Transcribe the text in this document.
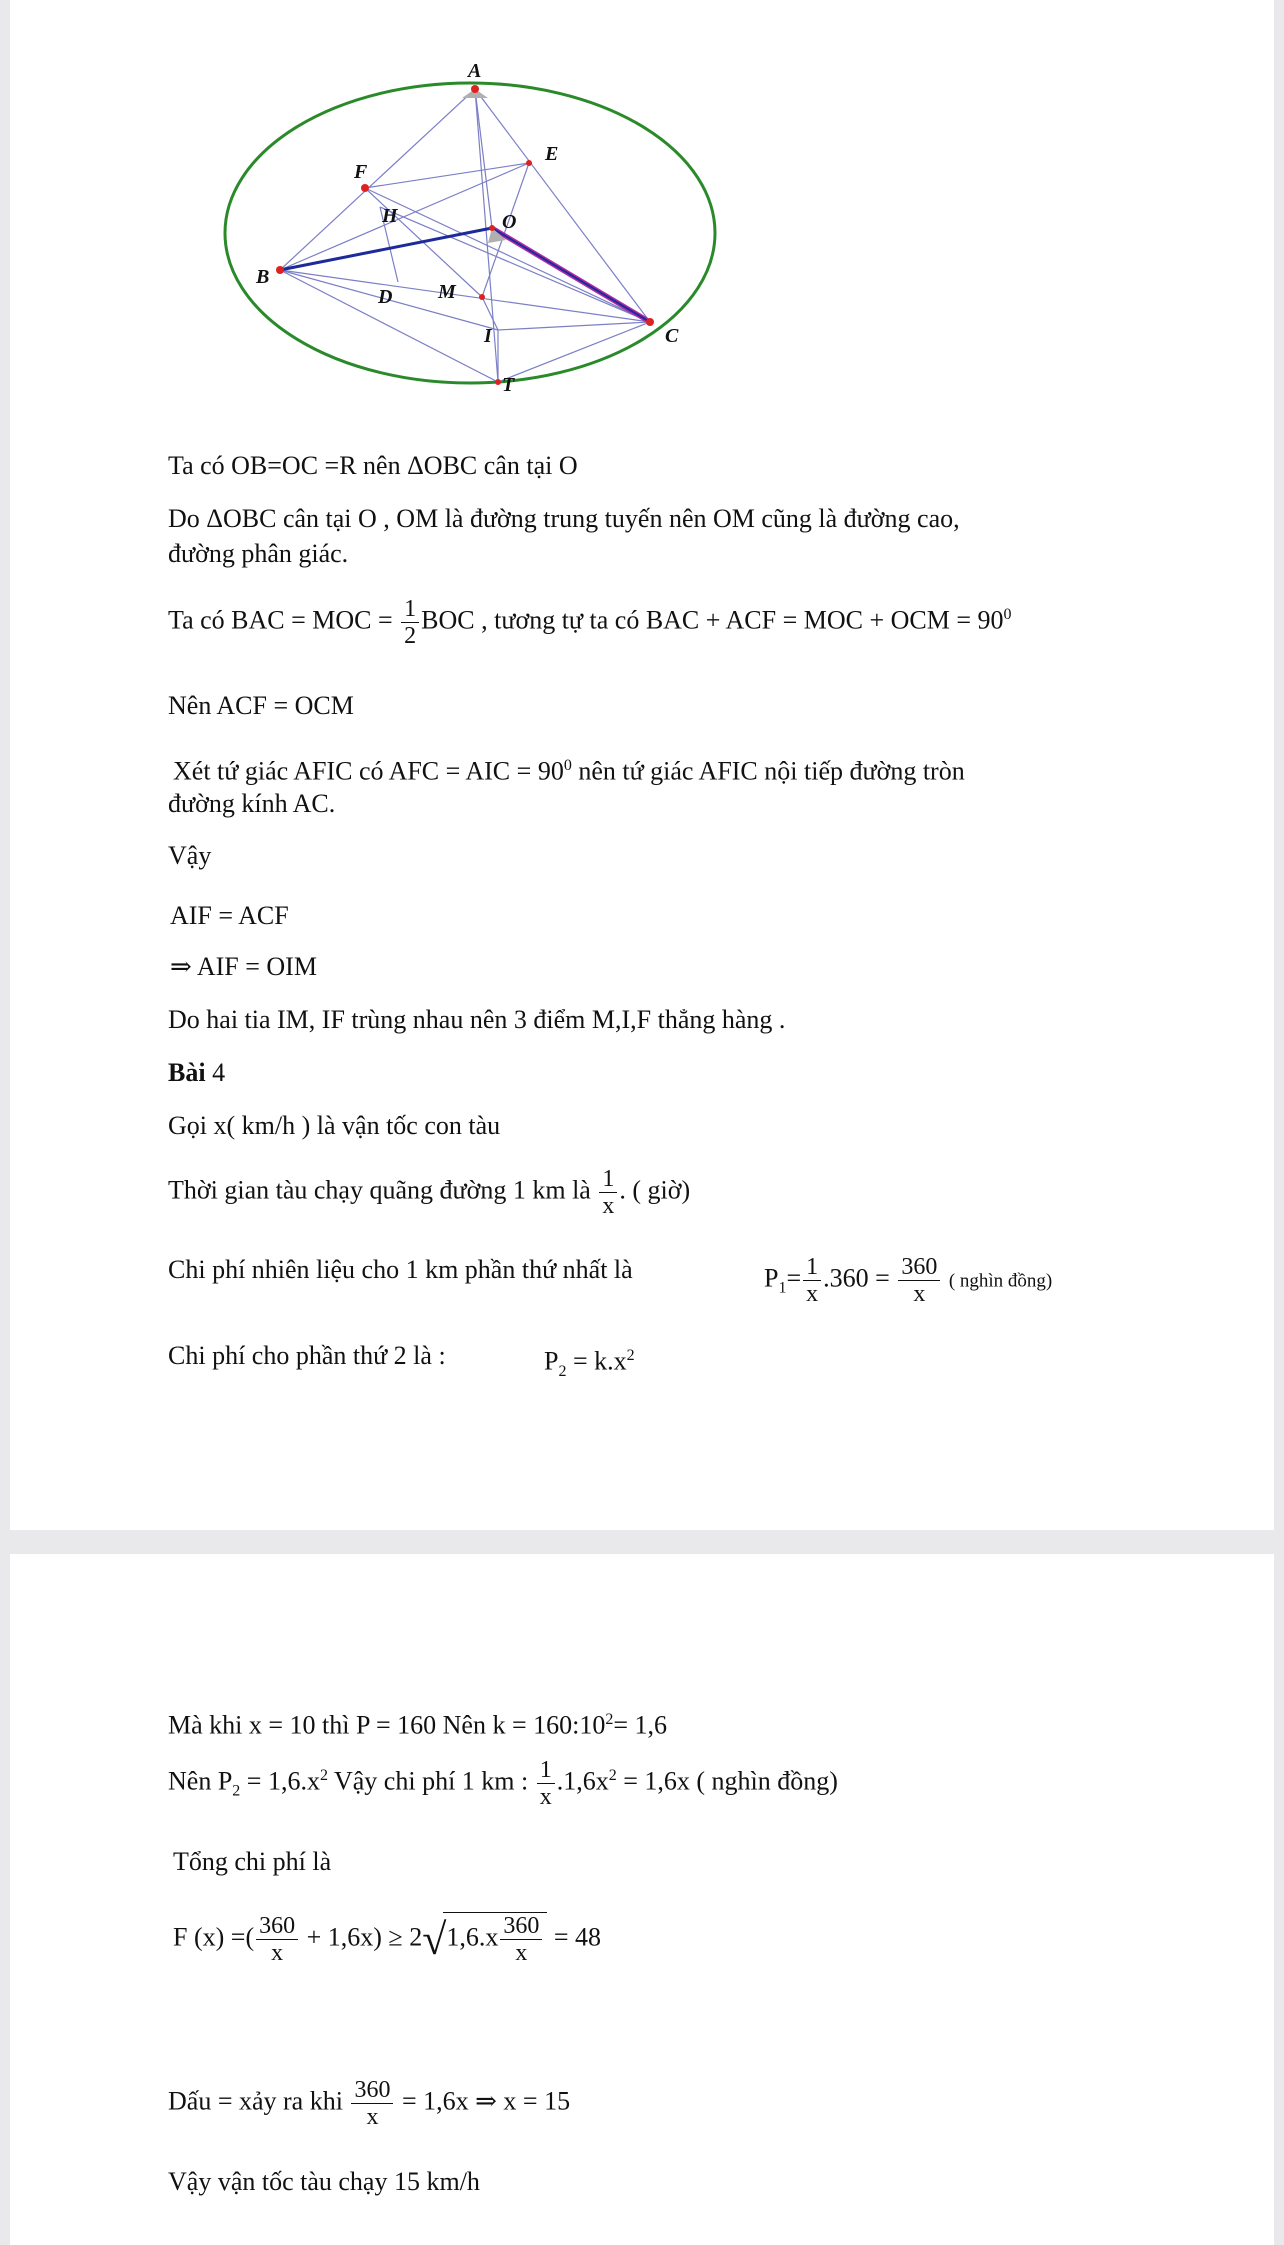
A
E
F
H	O
B
D M
I	C
T
Ta có OB=OC =R nên ΔOBC cân tại O
Do ΔOBC cân tại O , OM là đường trung tuyến nên OM cũng là đường cao,
đường phân giác.
Ta có BAC = MOC = $\frac{1}{2}$ BOC , tương tự ta có BAC + ACF = MOC + OCM = $90^0$
Nên ACF = OCM
Xét tứ giác AFIC có AFC = AIC = $90^0$ nên tứ giác AFIC nội tiếp đường tròn
đường kính AC.
Vậy
AIF = ACF
⇒ AIF = OIM
Do hai tia IM, IF trùng nhau nên 3 điểm M,I,F thẳng hàng .
Bài 4
Gọi x( km/h ) là vận tốc con tàu
Thời gian tàu chạy quãng đường 1 km là $\frac{1}{x}$ . ( giờ)
Chi phí nhiên liệu cho 1 km phần thứ nhất là	$P_1= \frac{1}{x} .360 = \frac{360}{x}$ ( nghìn đồng)
Chi phí cho phần thứ 2 là :	$P_2 = k.x^2$
Mà khi x = 10 thì P = 160 Nên $k = 160:10^2= 1,6$
Nên $P_2 = 1,6.x^2$ Vậy chi phí 1 km : $\frac{1}{x} .1,6x^2 = 1,6x$ ( nghìn đồng)
Tổng chi phí là
F (x) =( $\frac{360}{x} + 1,6x) \ge 2√1,6.x \frac{360}{x} = 48$
Dấu = xảy ra khi $\frac{360}{x} = 1,6x$ ⇒ x = 15
Vậy vận tốc tàu chạy 15 km/h
